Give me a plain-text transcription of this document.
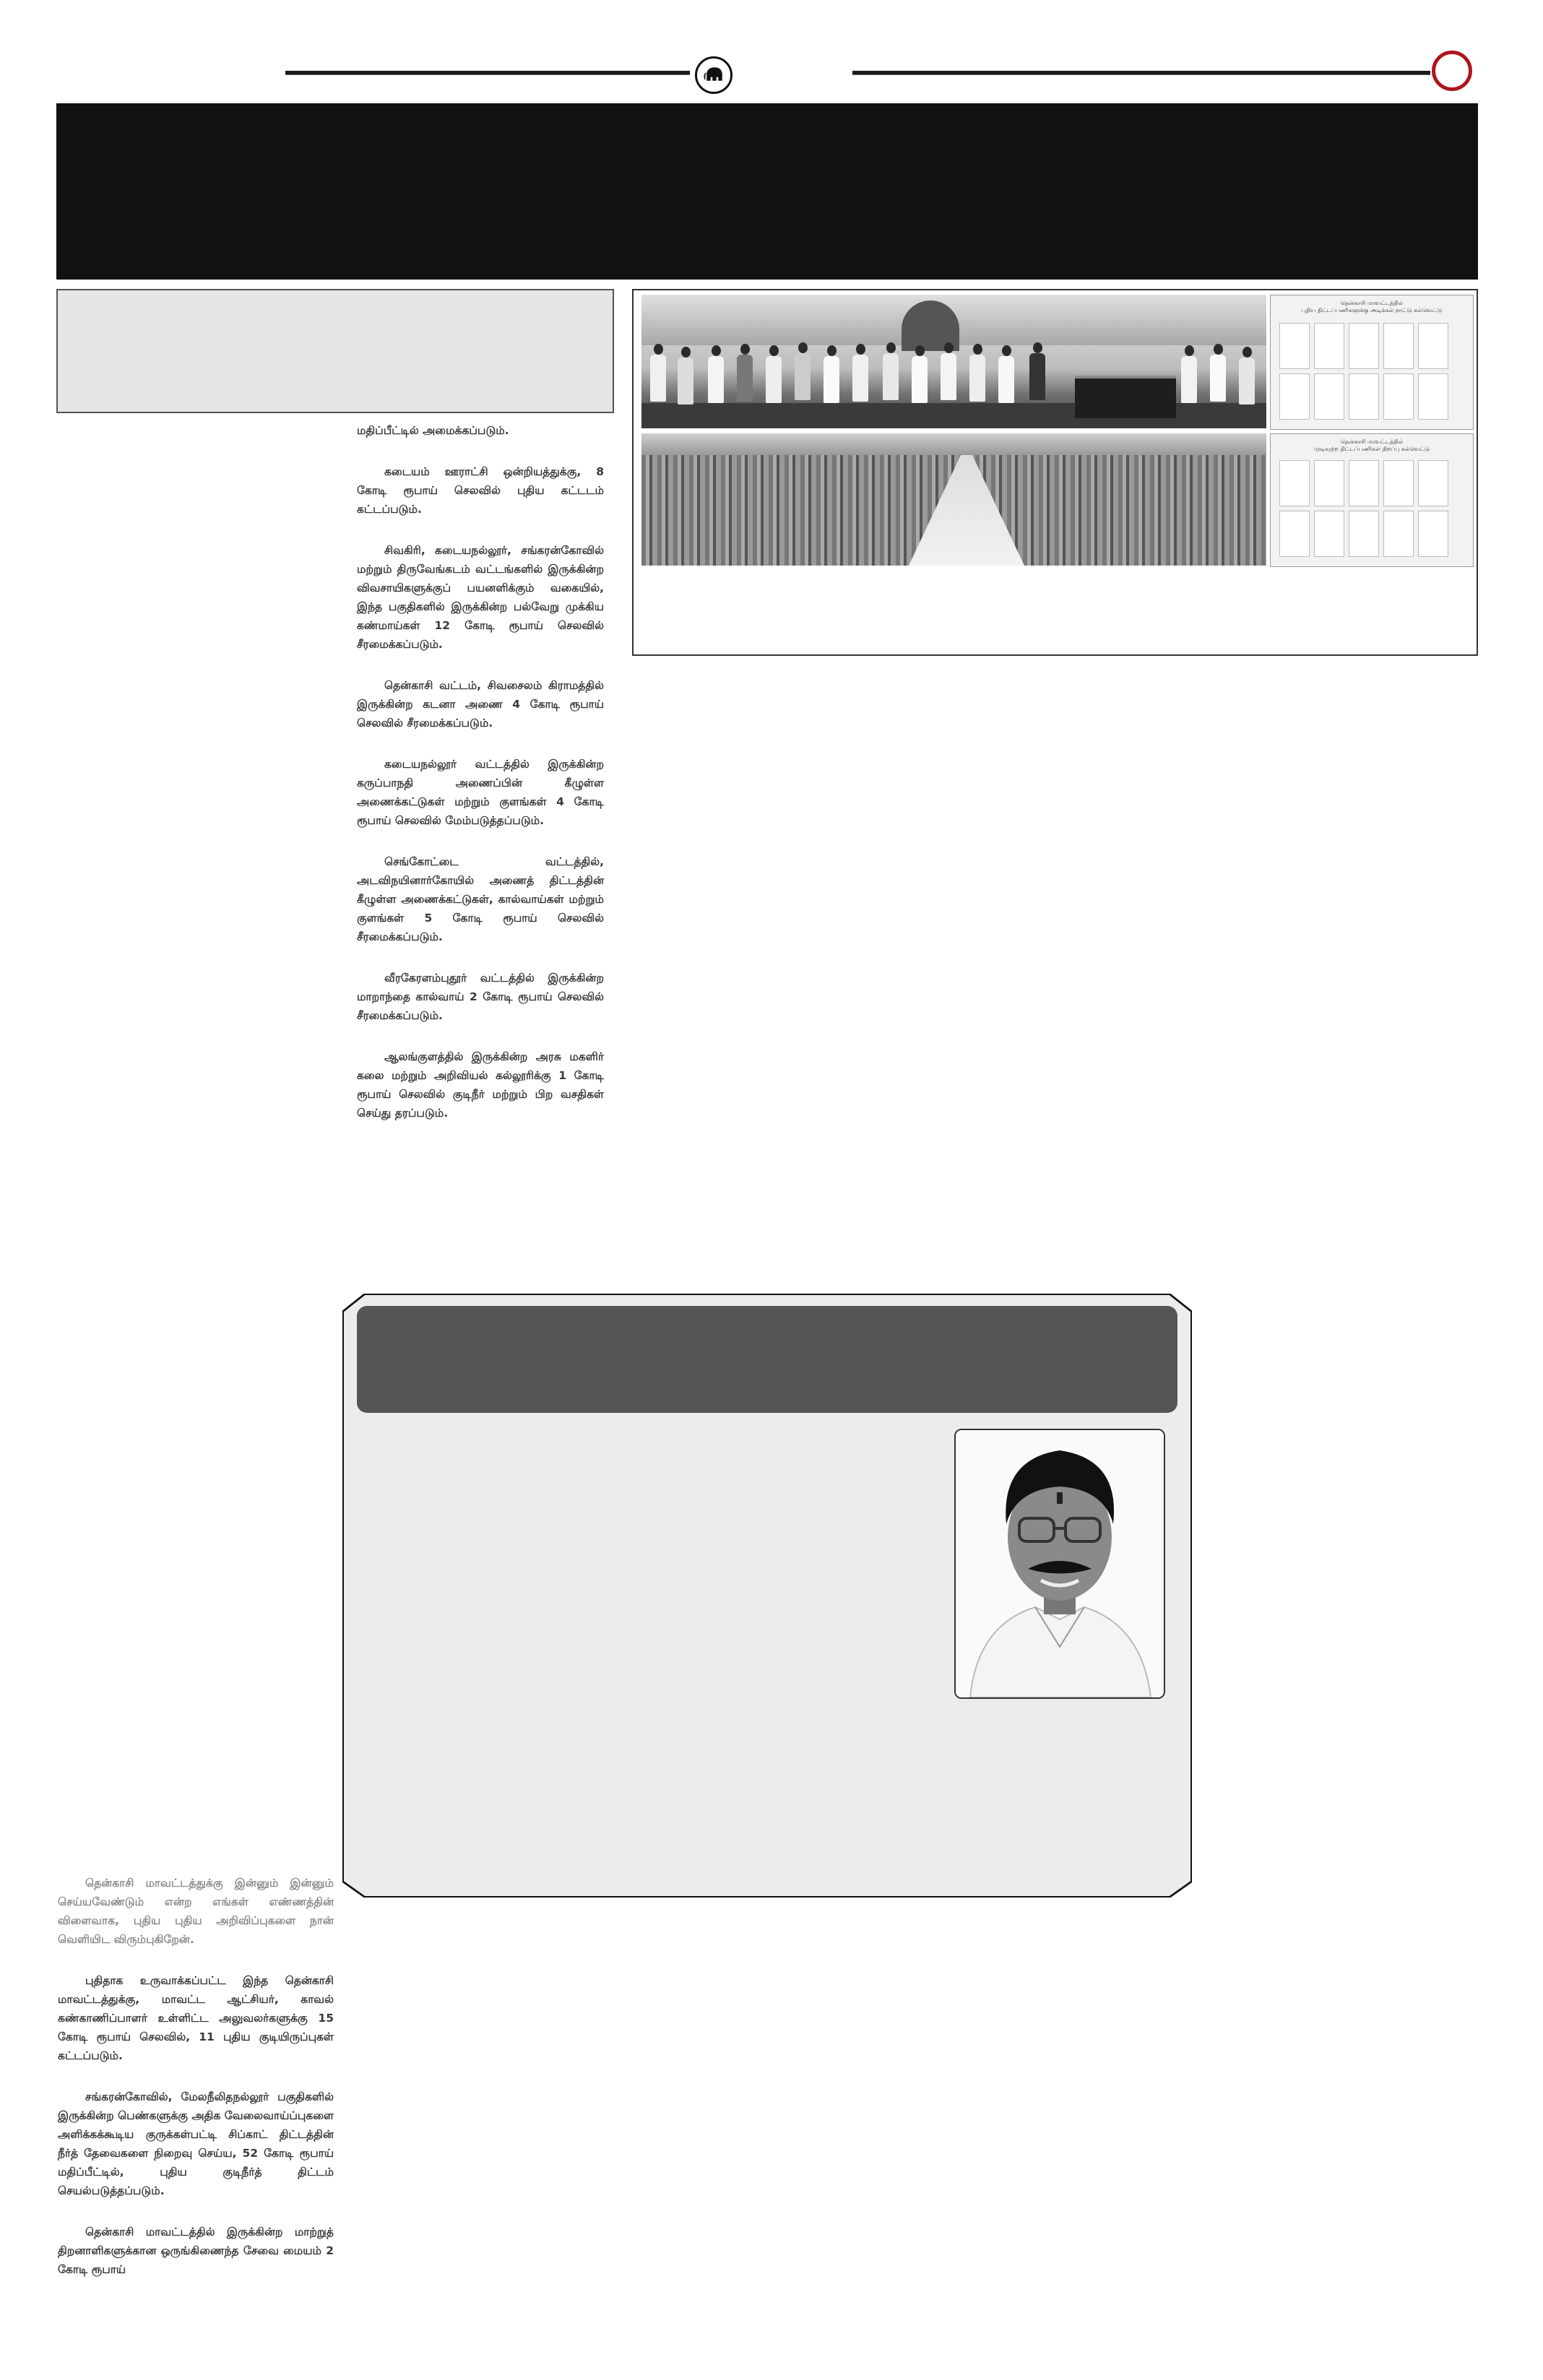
மதிப்பீட்டில் அமைக்கப்படும்.

கடையம் ஊராட்சி ஒன்றியத்துக்கு, 8 கோடி ரூபாய் செலவில் புதிய கட்டடம் கட்டப்படும்.

சிவகிரி, கடையநல்லூர், சங்கரன்கோவில் மற்றும் திருவேங்கடம் வட்டங்களில் இருக்கின்ற விவசாயிகளுக்குப் பயனளிக்கும் வகையில், இந்த பகுதிகளில் இருக்கின்ற பல்வேறு முக்கிய கண்மாய்கள் 12 கோடி ரூபாய் செலவில் சீரமைக்கப்படும்.

தென்காசி வட்டம், சிவசைலம் கிராமத்தில் இருக்கின்ற கடனா அணை 4 கோடி ரூபாய் செலவில் சீரமைக்கப்படும்.

கடையநல்லூர் வட்டத்தில் இருக்கின்ற கருப்பாநதி அணைப்பின் கீழுள்ள அணைக்கட்டுகள் மற்றும் குளங்கள் 4 கோடி ரூபாய் செலவில் மேம்படுத்தப்படும்.

செங்கோட்டை வட்டத்தில், அடவிநயினார்கோயில் அணைத் திட்டத்தின் கீழுள்ள அணைக்கட்டுகள், கால்வாய்கள் மற்றும் குளங்கள் 5 கோடி ரூபாய் செலவில் சீரமைக்கப்படும்.

வீரகேரளம்புதூர் வட்டத்தில் இருக்கின்ற மாறாந்தை கால்வாய் 2 கோடி ரூபாய் செலவில் சீரமைக்கப்படும்.

ஆலங்குளத்தில் இருக்கின்ற அரசு மகளிர் கலை மற்றும் அறிவியல் கல்லூரிக்கு 1 கோடி ரூபாய் செலவில் குடிநீர் மற்றும் பிற வசதிகள் செய்து தரப்படும்.

தென்காசி மாவட்டத்தில்
புதிய திட்டப்பணிகளுக்கு அடிக்கல் நாட்டு கல்வெட்டு
தென்காசி மாவட்டத்தில்
முடிவுற்ற திட்டப்பணிகள் திறப்பு கல்வெட்டு

தென்காசி மாவட்டத்துக்கு இன்னும் இன்னும் செய்யவேண்டும் என்ற எங்கள் எண்ணத்தின் விளைவாக, புதிய புதிய அறிவிப்புகளை நான் வெளியிட விரும்புகிறேன்.

புதிதாக உருவாக்கப்பட்ட இந்த தென்காசி மாவட்டத்துக்கு, மாவட்ட ஆட்சியர், காவல் கண்காணிப்பாளர் உள்ளிட்ட அலுவலர்களுக்கு 15 கோடி ரூபாய் செலவில், 11 புதிய குடியிருப்புகள் கட்டப்படும்.

சங்கரன்கோவில், மேலநீலிதநல்லூர் பகுதிகளில் இருக்கின்ற பெண்களுக்கு அதிக வேலைவாய்ப்புகளை அளிக்கக்கூடிய குருக்கள்பட்டி சிப்காட் திட்டத்தின் நீர்த் தேவைகளை நிறைவு செய்ய, 52 கோடி ரூபாய் மதிப்பீட்டில், புதிய குடிநீர்த் திட்டம் செயல்படுத்தப்படும்.

தென்காசி மாவட்டத்தில் இருக்கின்ற மாற்றுத் திறனாளிகளுக்கான ஒருங்கிணைந்த சேவை மையம் 2 கோடி ரூபாய்
